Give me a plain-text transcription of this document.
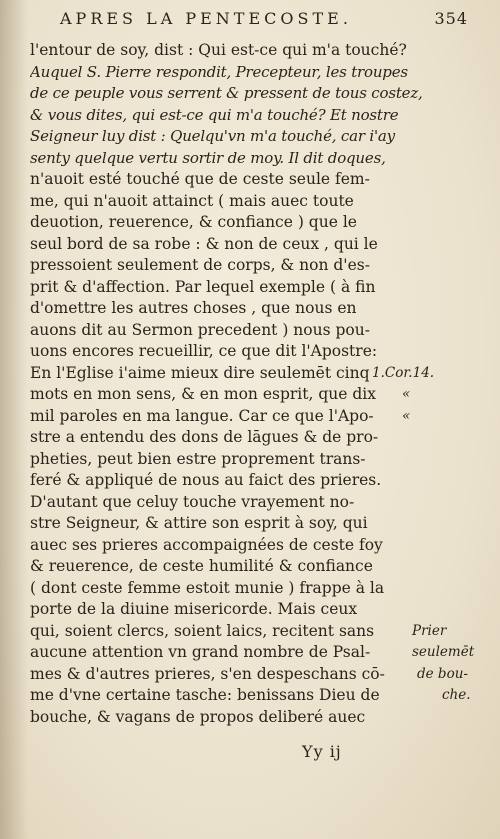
APRES LA PENTECOSTE.	354
l'entour de soy, dist : Qui est-ce qui m'a touché?
Auquel S. Pierre respondit, Precepteur, les troupes
de ce peuple vous serrent & pressent de tous costez,
& vous dites, qui est-ce qui m'a touché? Et nostre
Seigneur luy dist : Quelqu'vn m'a touché, car i'ay
senty quelque vertu sortir de moy. Il dit doques,
n'auoit esté touché que de ceste seule fem-
me, qui n'auoit attainct ( mais auec toute
deuotion, reuerence, & confiance ) que le
seul bord de sa robe : & non de ceux , qui le
pressoient seulement de corps, & non d'es-
prit & d'affection. Par lequel exemple ( à fin
d'omettre les autres choses , que nous en
auons dit au Sermon precedent ) nous pou-
uons encores recueillir, ce que dit l'Apostre:
En l'Eglise i'aime mieux dire seulemēt cinq
mots en mon sens, & en mon esprit, que dix
mil paroles en ma langue. Car ce que l'Apo-
stre a entendu des dons de lāgues & de pro-
pheties, peut bien estre proprement trans-
feré & appliqué de nous au faict des prieres.
D'autant que celuy touche vrayement no-
stre Seigneur, & attire son esprit à soy, qui
auec ses prieres accompaignées de ceste foy
& reuerence, de ceste humilité & confiance
( dont ceste femme estoit munie ) frappe à la
porte de la diuine misericorde. Mais ceux
qui, soient clercs, soient laics, recitent sans
aucune attention vn grand nombre de Psal-
mes & d'autres prieres, s'en despeschans cō-
me d'vne certaine tasche: benissans Dieu de
bouche, & vagans de propos deliberé auec
1.Cor.14.
«
«
Prier
seulemēt
de bou-
che.
Yy ij
